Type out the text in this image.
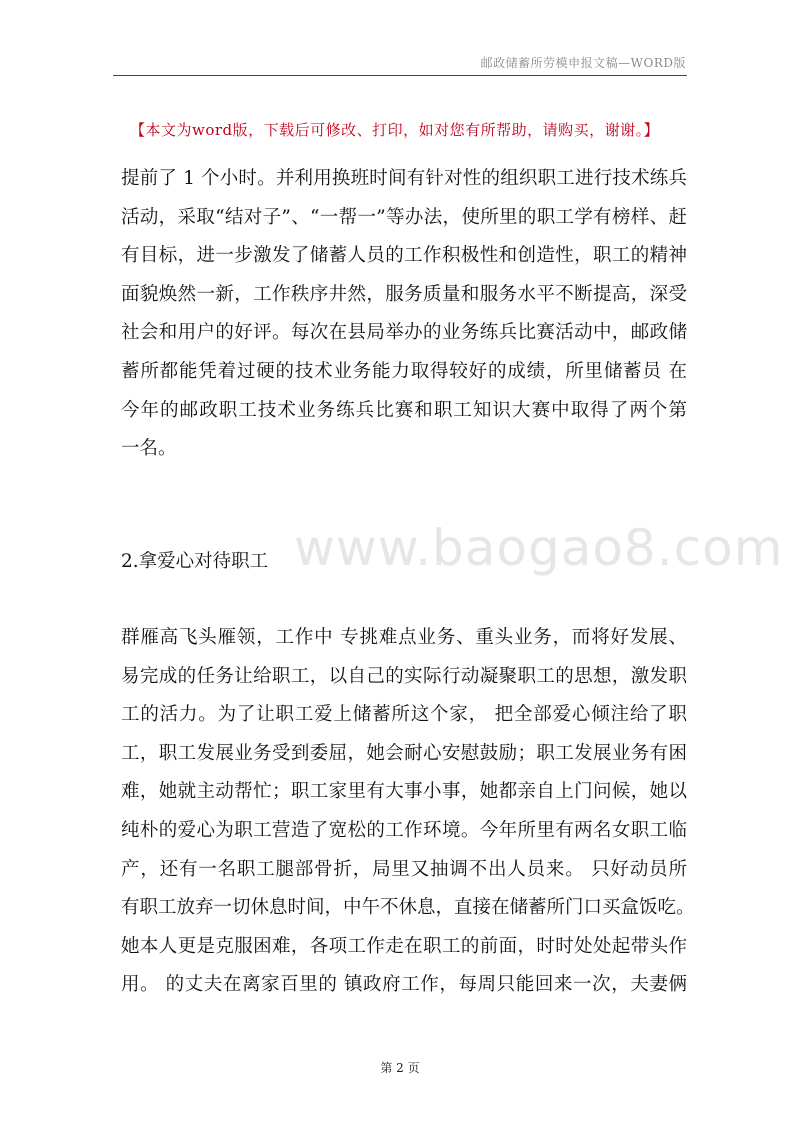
邮政储蓄所劳模申报文稿—WORD版
【本文为word版，下载后可修改、打印，如对您有所帮助，请购买，谢谢。】
提前了 1 个小时。并利用换班时间有针对性的组织职工进行技术练兵
活动，采取“结对子”、“一帮一”等办法，使所里的职工学有榜样、赶
有目标，进一步激发了储蓄人员的工作积极性和创造性，职工的精神
面貌焕然一新，工作秩序井然，服务质量和服务水平不断提高，深受
社会和用户的好评。每次在县局举办的业务练兵比赛活动中，邮政储
蓄所都能凭着过硬的技术业务能力取得较好的成绩，所里储蓄员 在
今年的邮政职工技术业务练兵比赛和职工知识大赛中取得了两个第
一名。
www.baogao8.com
2.拿爱心对待职工
群雁高飞头雁领，工作中 专挑难点业务、重头业务，而将好发展、
易完成的任务让给职工，以自己的实际行动凝聚职工的思想，激发职
工的活力。为了让职工爱上储蓄所这个家， 把全部爱心倾注给了职
工，职工发展业务受到委屈，她会耐心安慰鼓励；职工发展业务有困
难，她就主动帮忙；职工家里有大事小事，她都亲自上门问候，她以
纯朴的爱心为职工营造了宽松的工作环境。今年所里有两名女职工临
产，还有一名职工腿部骨折，局里又抽调不出人员来。 只好动员所
有职工放弃一切休息时间，中午不休息，直接在储蓄所门口买盒饭吃。
她本人更是克服困难，各项工作走在职工的前面，时时处处起带头作
用。 的丈夫在离家百里的 镇政府工作，每周只能回来一次，夫妻俩
第 2 页
